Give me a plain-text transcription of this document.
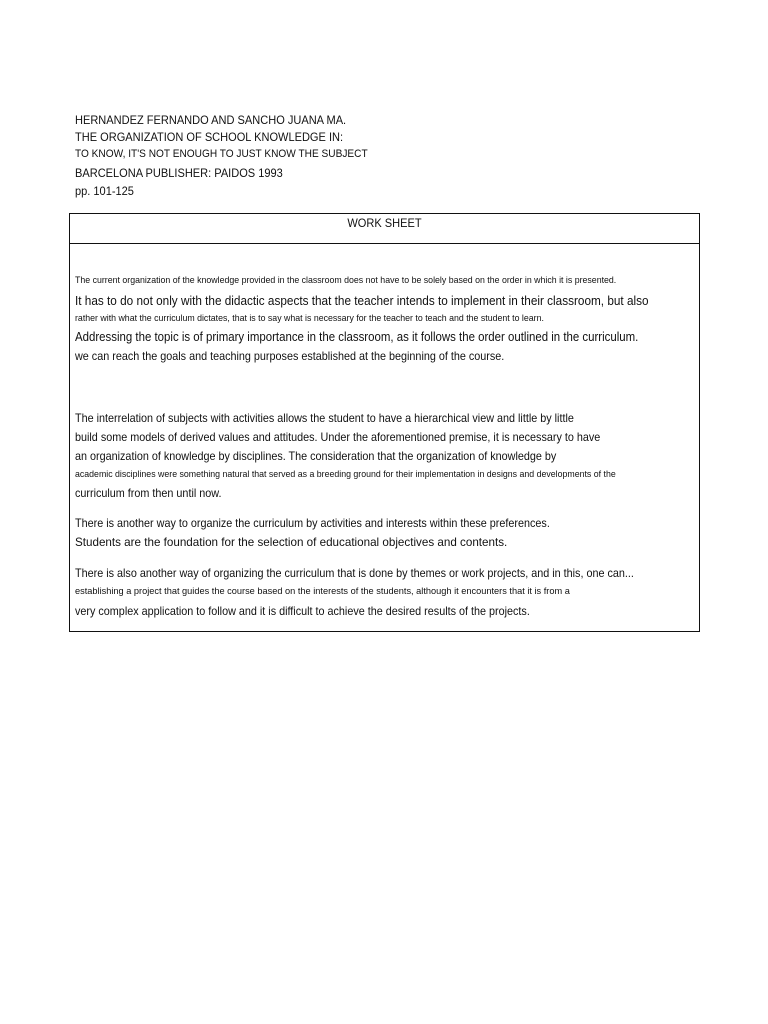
HERNANDEZ FERNANDO AND SANCHO JUANA MA.
THE ORGANIZATION OF SCHOOL KNOWLEDGE IN:
TO KNOW, IT'S NOT ENOUGH TO JUST KNOW THE SUBJECT
BARCELONA PUBLISHER: PAIDOS 1993
pp. 101-125
WORK SHEET
The current organization of the knowledge provided in the classroom does not have to be solely based on the order in which it is presented.
It has to do not only with the didactic aspects that the teacher intends to implement in their classroom, but also
rather with what the curriculum dictates, that is to say what is necessary for the teacher to teach and the student to learn.
Addressing the topic is of primary importance in the classroom, as it follows the order outlined in the curriculum.
we can reach the goals and teaching purposes established at the beginning of the course.
The interrelation of subjects with activities allows the student to have a hierarchical view and little by little
build some models of derived values and attitudes. Under the aforementioned premise, it is necessary to have
an organization of knowledge by disciplines. The consideration that the organization of knowledge by
academic disciplines were something natural that served as a breeding ground for their implementation in designs and developments of the
curriculum from then until now.
There is another way to organize the curriculum by activities and interests within these preferences.
Students are the foundation for the selection of educational objectives and contents.
There is also another way of organizing the curriculum that is done by themes or work projects, and in this, one can...
establishing a project that guides the course based on the interests of the students, although it encounters that it is from a
very complex application to follow and it is difficult to achieve the desired results of the projects.
